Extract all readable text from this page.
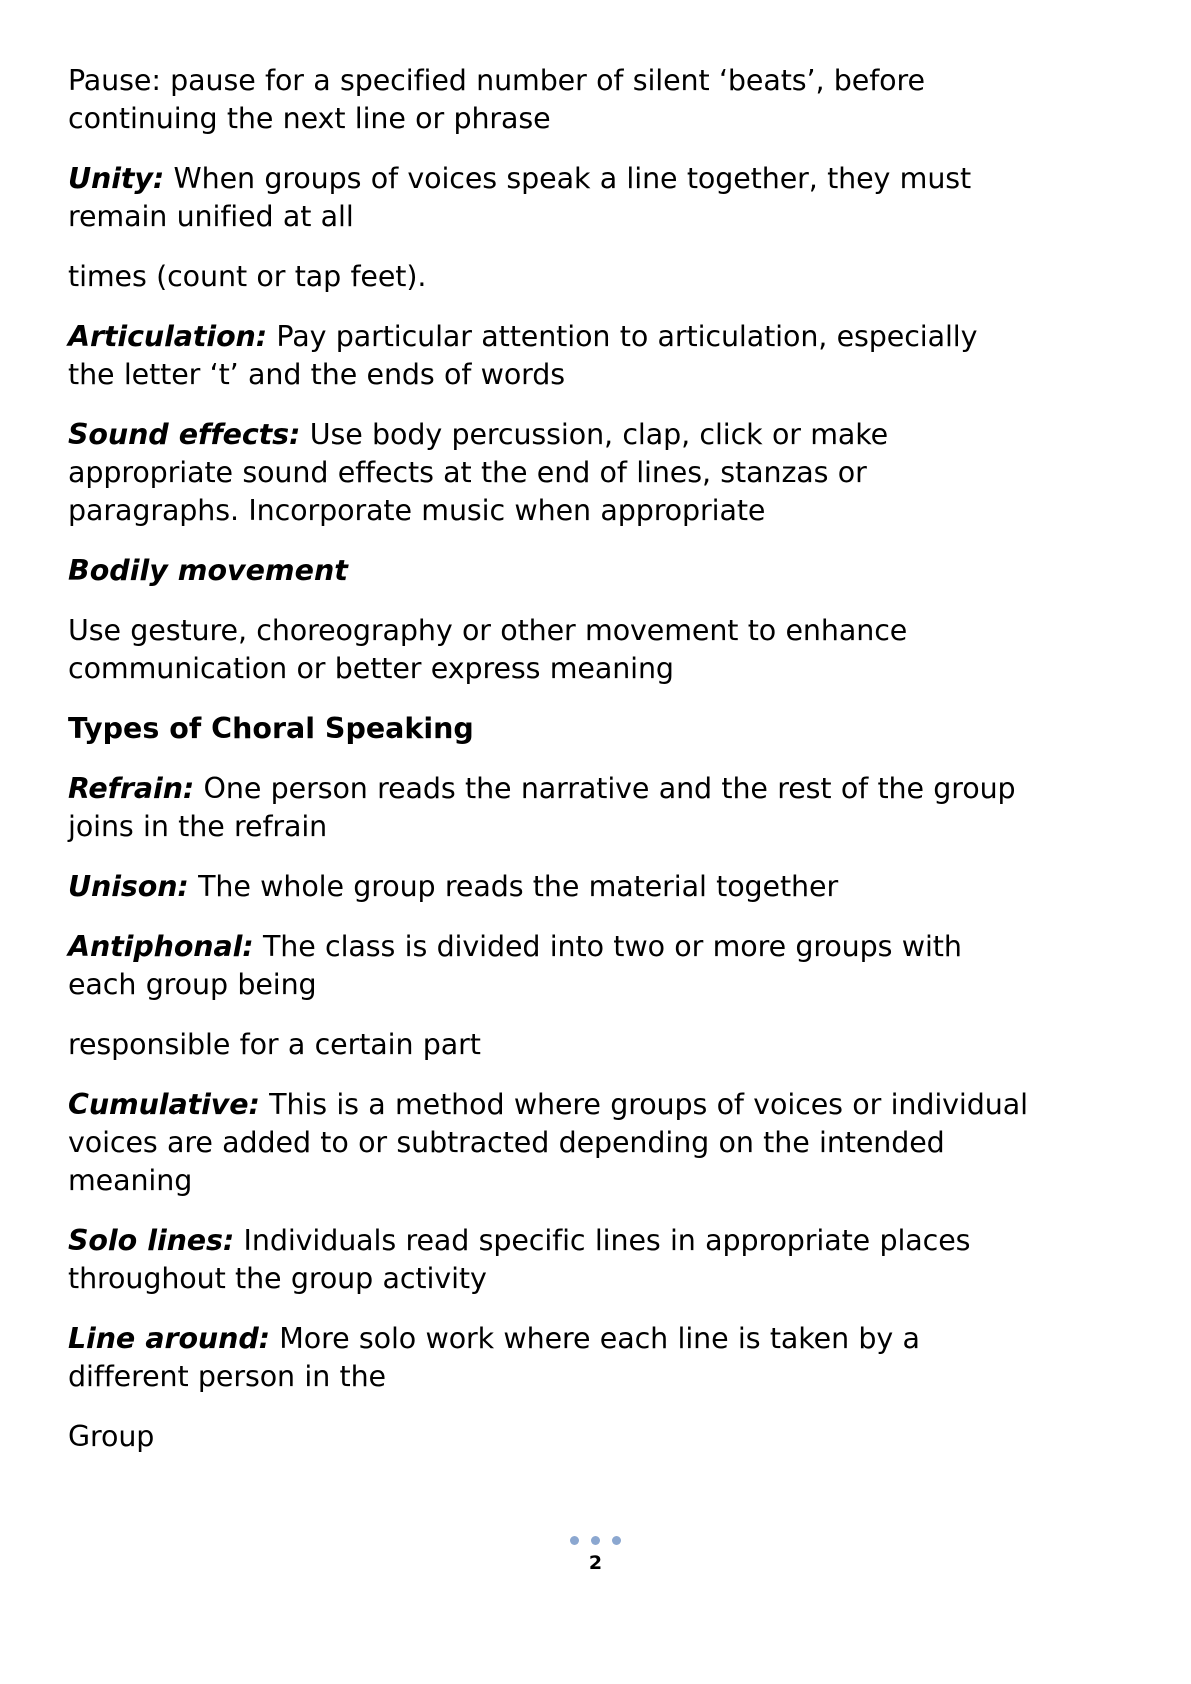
Pause: pause for a specified number of silent ‘beats’, before continuing the next line or phrase

Unity: When groups of voices speak a line together, they must remain unified at all

times (count or tap feet).

Articulation: Pay particular attention to articulation, especially the letter ‘t’ and the ends of words

Sound effects: Use body percussion, clap, click or make appropriate sound effects at the end of lines, stanzas or paragraphs. Incorporate music when appropriate

Bodily movement

Use gesture, choreography or other movement to enhance communication or better express meaning

Types of Choral Speaking

Refrain: One person reads the narrative and the rest of the group joins in the refrain

Unison: The whole group reads the material together

Antiphonal: The class is divided into two or more groups with each group being

responsible for a certain part

Cumulative: This is a method where groups of voices or individual voices are added to or subtracted depending on the intended meaning

Solo lines: Individuals read specific lines in appropriate places throughout the group activity

Line around: More solo work where each line is taken by a different person in the

Group

2
